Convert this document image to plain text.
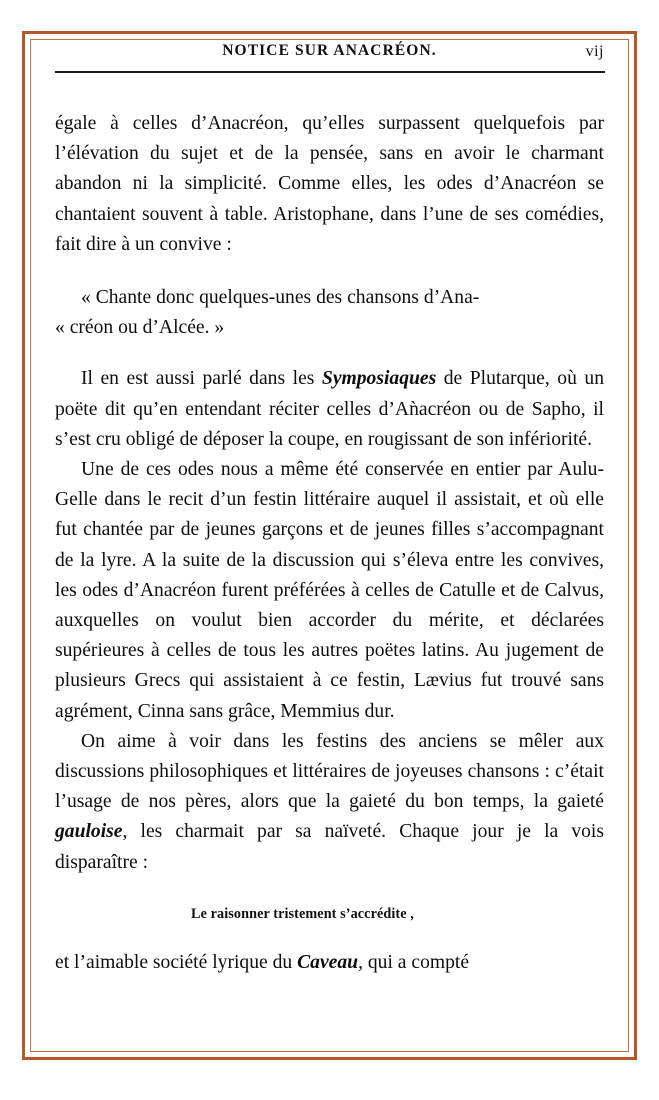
NOTICE SUR ANACRÉON.	vij

égale à celles d’Anacréon, qu’elles surpassent quelquefois par l’élévation du sujet et de la pensée, sans en avoir le charmant abandon ni la simplicité. Comme elles, les odes d’Anacréon se chantaient souvent à table. Aristophane, dans l’une de ses comédies, fait dire à un convive :

« Chante donc quelques-unes des chansons d’Ana-

« créon ou d’Alcée. »

Il en est aussi parlé dans les Symposiaques de Plutarque, où un poëte dit qu’en entendant réciter celles d’Aǹacréon ou de Sapho, il s’est cru obligé de déposer la coupe, en rougissant de son infériorité.

Une de ces odes nous a même été conservée en entier par Aulu-Gelle dans le recit d’un festin littéraire auquel il assistait, et où elle fut chantée par de jeunes garçons et de jeunes filles s’accompagnant de la lyre. A la suite de la discussion qui s’éleva entre les convives, les odes d’Anacréon furent préférées à celles de Catulle et de Calvus, auxquelles on voulut bien accorder du mérite, et déclarées supérieures à celles de tous les autres poëtes latins. Au jugement de plusieurs Grecs qui assistaient à ce festin, Lævius fut trouvé sans agrément, Cinna sans grâce, Memmius dur.

On aime à voir dans les festins des anciens se mêler aux discussions philosophiques et littéraires de joyeuses chansons : c’était l’usage de nos pères, alors que la gaieté du bon temps, la gaieté gauloise, les charmait par sa naïveté. Chaque jour je la vois disparaître :

Le raisonner tristement s’accrédite ,

et l’aimable société lyrique du Caveau, qui a compté
